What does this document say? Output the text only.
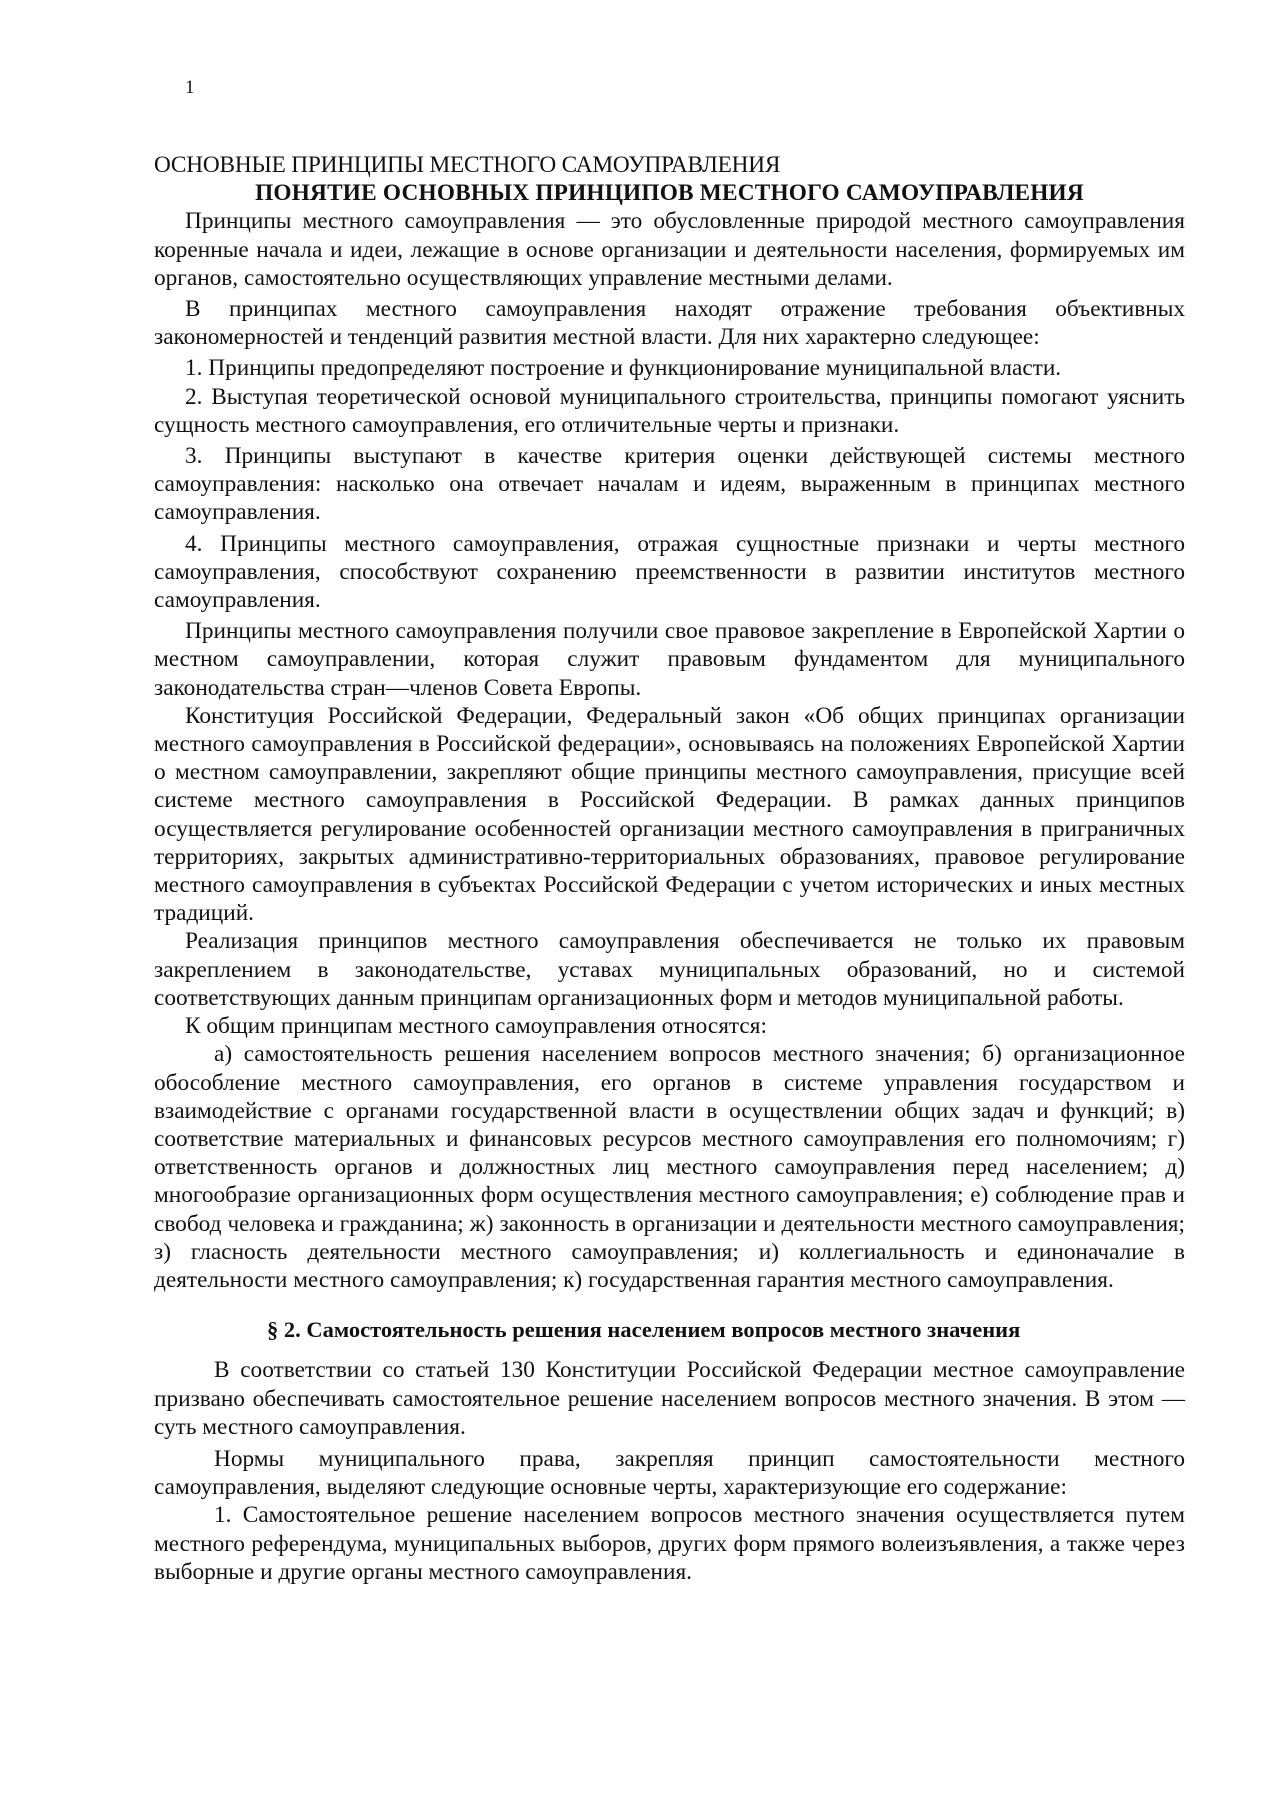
1

ОСНОВНЫЕ ПРИНЦИПЫ МЕСТНОГО САМОУПРАВЛЕНИЯ

ПОНЯТИЕ ОСНОВНЫХ ПРИНЦИПОВ МЕСТНОГО САМОУПРАВЛЕНИЯ

Принципы местного самоуправления — это обусловленные природой местного самоуправления коренные начала и идеи, лежащие в основе организации и деятельности населения, формируемых им органов, самостоятельно осуществляющих управление местными делами.

В принципах местного самоуправления находят отражение требования объективных закономерностей и тенденций развития местной власти. Для них характерно следующее:

1. Принципы предопределяют построение и функционирование муниципальной власти.

2. Выступая теоретической основой муниципального строительства, принципы помогают уяснить сущность местного самоуправления, его отличительные черты и признаки.

3. Принципы выступают в качестве критерия оценки действующей системы местного самоуправления: насколько она отвечает началам и идеям, выраженным в принципах местного самоуправления.

4. Принципы местного самоуправления, отражая сущностные признаки и черты местного самоуправления, способствуют сохранению преемственности в развитии институтов местного самоуправления.

Принципы местного самоуправления получили свое правовое закрепление в Европейской Хартии о местном самоуправлении, которая служит правовым фундаментом для муниципального законодательства стран—членов Совета Европы.

Конституция Российской Федерации, Федеральный закон «Об общих принципах организации местного самоуправления в Российской федерации», основываясь на положениях Европейской Хартии о местном самоуправлении, закрепляют общие принципы местного самоуправления, присущие всей системе местного самоуправления в Российской Федерации. В рамках данных принципов осуществляется регулирование особенностей организации местного самоуправления в приграничных территориях, закрытых административно-территориальных образованиях, правовое регулирование местного самоуправления в субъектах Российской Федерации с учетом исторических и иных местных традиций.

Реализация принципов местного самоуправления обеспечивается не только их правовым закреплением в законодательстве, уставах муниципальных образований, но и системой соответствующих данным принципам организационных форм и методов муниципальной работы.

К общим принципам местного самоуправления относятся:

а) самостоятельность решения населением вопросов местного значения; б) организационное обособление местного самоуправления, его органов в системе управления государством и взаимодействие с органами государственной власти в осуществлении общих задач и функций; в) соответствие материальных и финансовых ресурсов местного самоуправления его полномочиям; г) ответственность органов и должностных лиц местного самоуправления перед населением; д) многообразие организационных форм осуществления местного самоуправления; е) соблюдение прав и свобод человека и гражданина; ж) законность в организации и деятельности местного самоуправления; з) гласность деятельности местного самоуправления; и) коллегиальность и единоначалие в деятельности местного самоуправления; к) государственная гарантия местного самоуправления.

§ 2. Самостоятельность решения населением вопросов местного значения

В соответствии со статьей 130 Конституции Российской Федерации местное самоуправление призвано обеспечивать самостоятельное решение населением вопросов местного значения. В этом — суть местного самоуправления.

Нормы муниципального права, закрепляя принцип самостоятельности местного самоуправления, выделяют следующие основные черты, характеризующие его содержание:

1. Самостоятельное решение населением вопросов местного значения осуществляется путем местного референдума, муниципальных выборов, других форм прямого волеизъявления, а также через выборные и другие органы местного самоуправления.
